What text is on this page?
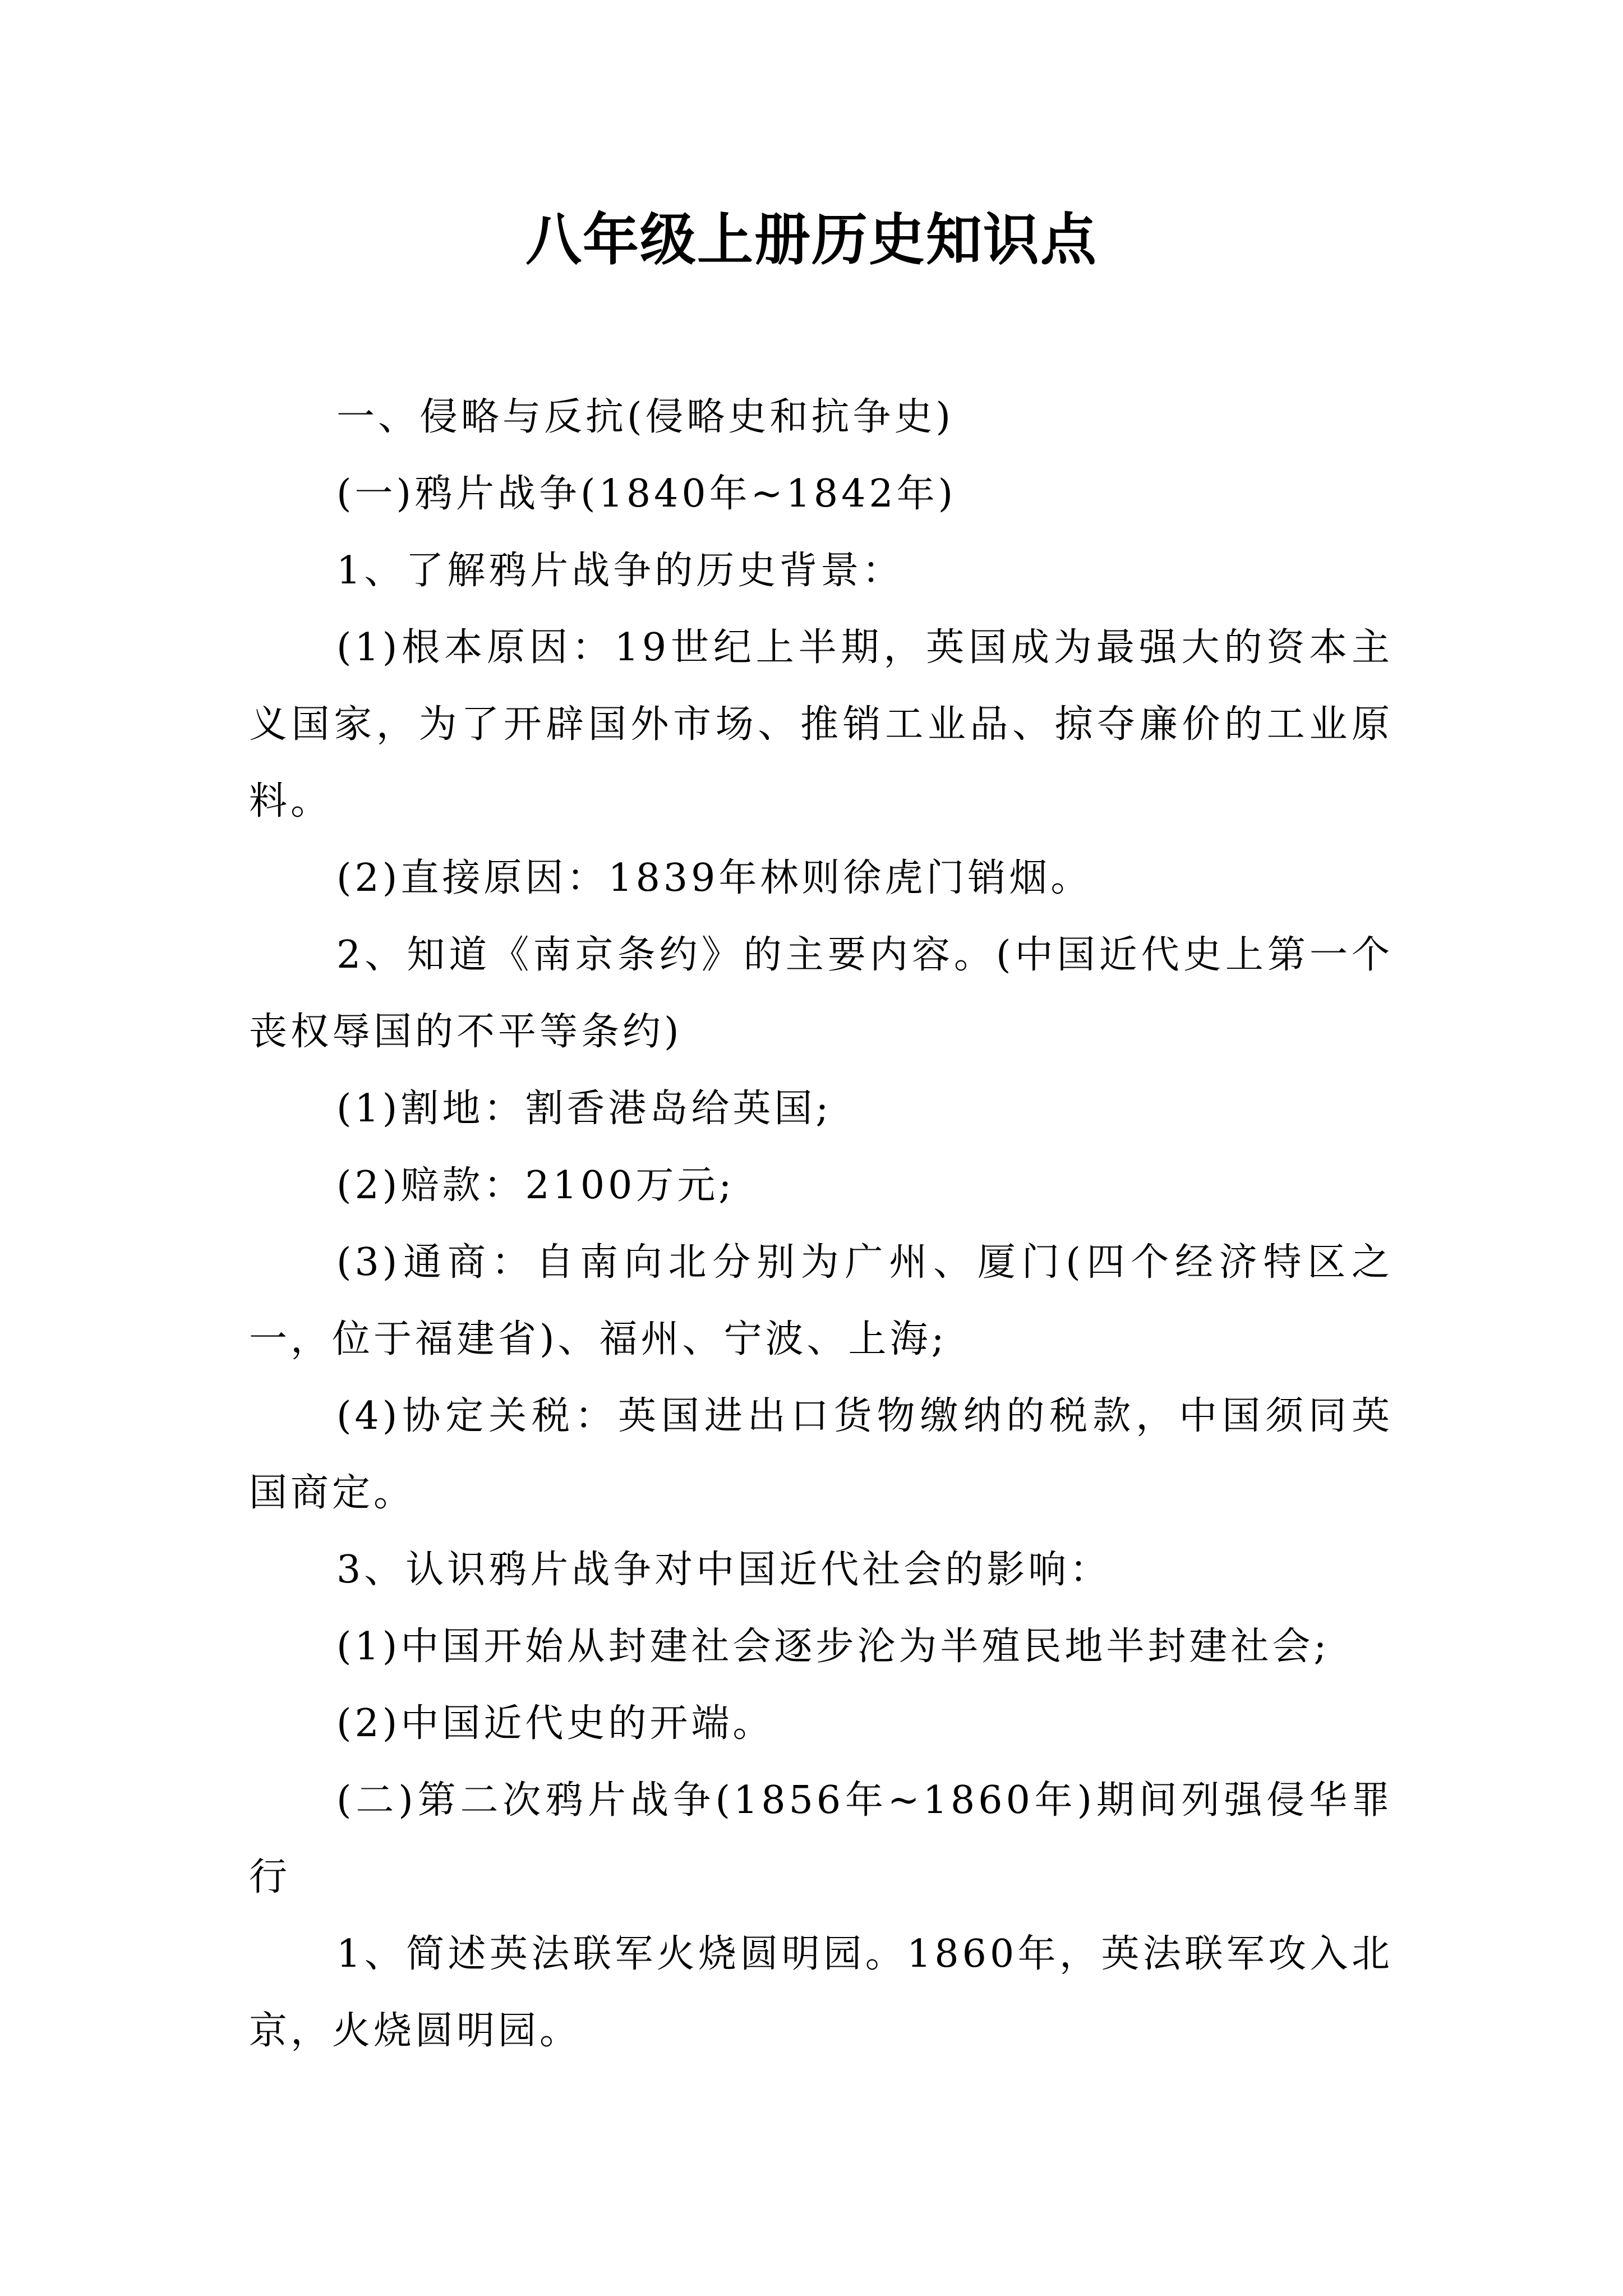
八年级上册历史知识点

一、侵略与反抗(侵略史和抗争史)

(一)鸦片战争(1840年~1842年)

1、了解鸦片战争的历史背景：

(1)根本原因：19世纪上半期，英国成为最强大的资本主义国家，为了开辟国外市场、推销工业品、掠夺廉价的工业原料。

(2)直接原因：1839年林则徐虎门销烟。

2、知道《南京条约》的主要内容。(中国近代史上第一个丧权辱国的不平等条约)

(1)割地：割香港岛给英国;

(2)赔款：2100万元;

(3)通商：自南向北分别为广州、厦门(四个经济特区之一，位于福建省)、福州、宁波、上海;

(4)协定关税：英国进出口货物缴纳的税款，中国须同英国商定。

3、认识鸦片战争对中国近代社会的影响：

(1)中国开始从封建社会逐步沦为半殖民地半封建社会;

(2)中国近代史的开端。

(二)第二次鸦片战争(1856年~1860年)期间列强侵华罪行

1、简述英法联军火烧圆明园。1860年，英法联军攻入北京，火烧圆明园。
